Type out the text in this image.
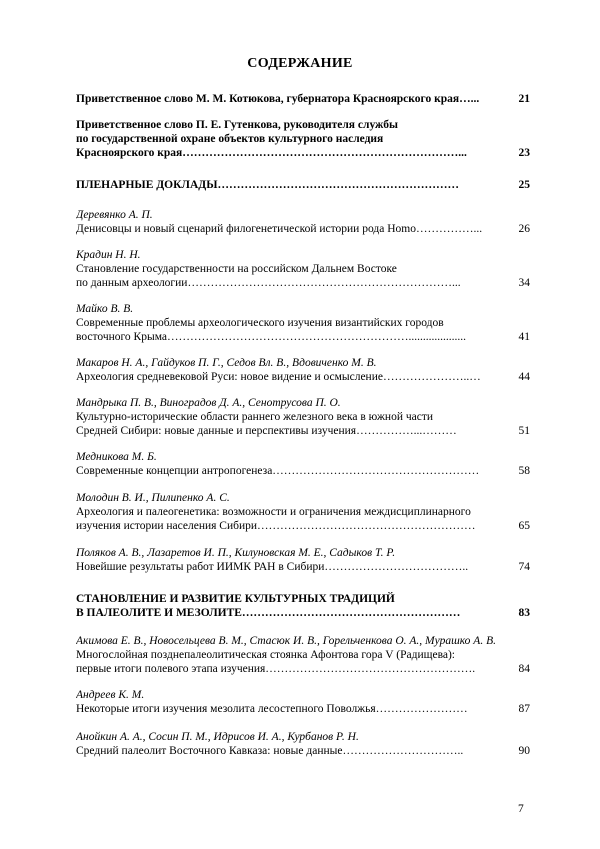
СОДЕРЖАНИЕ
Приветственное слово М. М. Котюкова, губернатора Красноярского края…...	21
Приветственное слово П. Е. Гутенкова, руководителя службы
по государственной охране объектов культурного наследия
Красноярского края………………………………………………………………...	23
ПЛЕНАРНЫЕ ДОКЛАДЫ………………………………………………………	25
Деревянко А. П.
Денисовцы и новый сценарий филогенетической истории рода Homo……………...	26
Крадин Н. Н.
Становление государственности на российском Дальнем Востоке
по данным археологии……………………………………………………………...	34
Майко В. В.
Современные проблемы археологического изучения византийских городов
восточного Крыма………………………………………………………....................	41
Макаров Н. А., Гайдуков П. Г., Седов Вл. В., Вдовиченко М. В.
Археология средневековой Руси: новое видение и осмысление…………………..…	44
Мандрыка П. В., Виноградов Д. А., Сенотрусова П. О.
Культурно-исторические области раннего железного века в южной части
Средней Сибири: новые данные и перспективы изучения……………...………	51
Медникова М. Б.
Современные концепции антропогенеза………………………………………………	58
Молодин В. И., Пилипенко А. С.
Археология и палеогенетика: возможности и ограничения междисциплинарного
изучения истории населения Сибири…………………………………………………	65
Поляков А. В., Лазаретов И. П., Килуновская М. Е., Садыков Т. Р.
Новейшие результаты работ ИИМК РАН в Сибири………………………………..	74
СТАНОВЛЕНИЕ И РАЗВИТИЕ КУЛЬТУРНЫХ ТРАДИЦИЙ
В ПАЛЕОЛИТЕ И МЕЗОЛИТЕ…………………………………………………	83
Акимова Е. В., Новосельцева В. М., Стасюк И. В., Горельченкова О. А., Мурашко А. В.
Многослойная позднепалеолитическая стоянка Афонтова гора V (Радищева):
первые итоги полевого этапа изучения……………………………………………….	84
Андреев К. М.
Некоторые итоги изучения мезолита лесостепного Поволжья……………………	87
Анойкин А. А., Сосин П. М., Идрисов И. А., Курбанов Р. Н.
Средний палеолит Восточного Кавказа: новые данные…………………………..	90
7
